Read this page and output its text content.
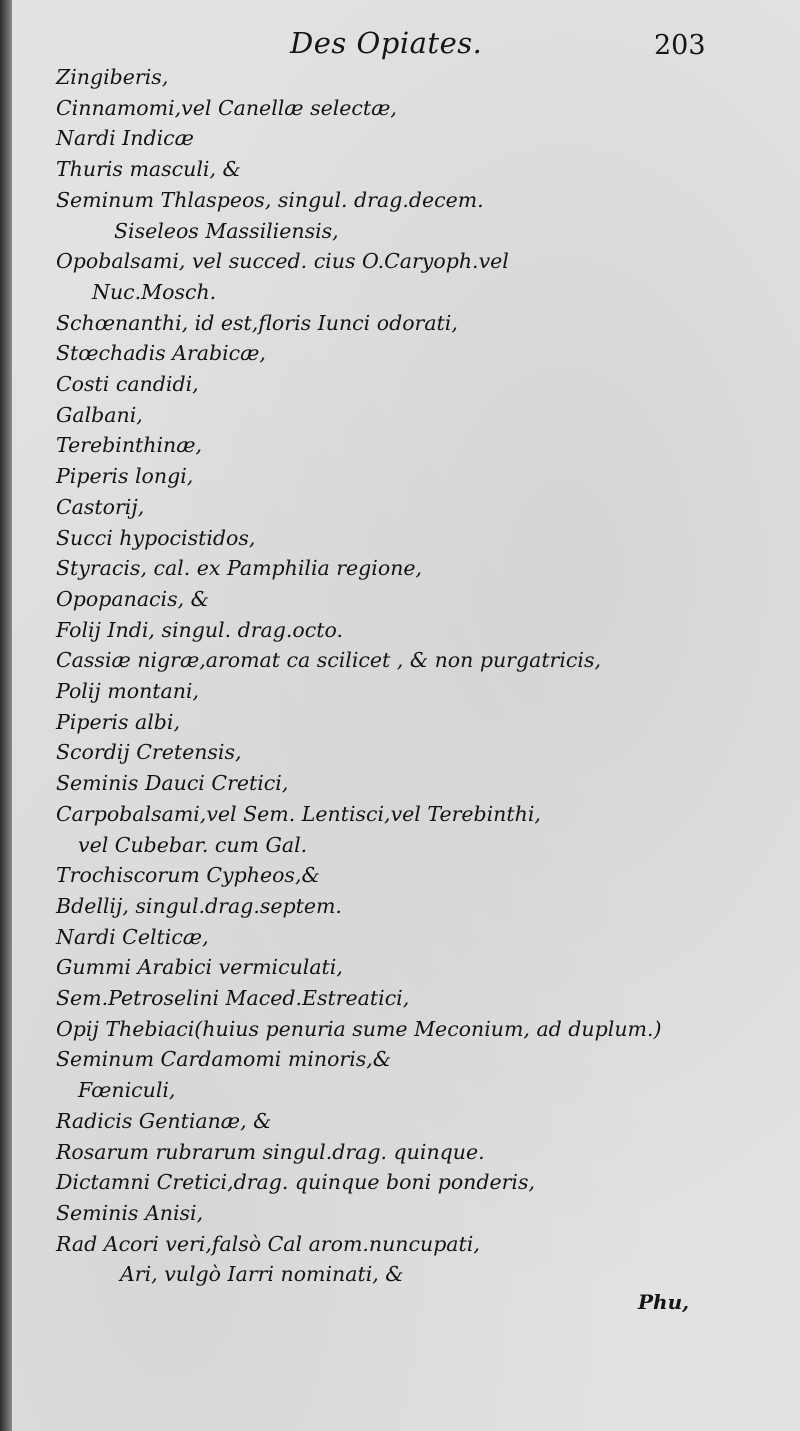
Des Opiates.	203
Zingiberis,
Cinnamomi,vel Canellæ selectæ,
Nardi Indicæ
Thuris masculi, &
Seminum Thlaspeos, singul. drag.decem.
Siseleos Massiliensis,
Opobalsami, vel succed. cius O.Caryoph.vel
Nuc.Mosch.
Schœnanthi, id est,floris Iunci odorati,
Stœchadis Arabicæ,
Costi candidi,
Galbani,
Terebinthinæ,
Piperis longi,
Castorij,
Succi hypocistidos,
Styracis, cal. ex Pamphilia regione,
Opopanacis, &
Folij Indi, singul. drag.octo.
Cassiæ nigræ,aromat ca scilicet , & non purgatricis,
Polij montani,
Piperis albi,
Scordij Cretensis,
Seminis Dauci Cretici,
Carpobalsami,vel Sem. Lentisci,vel Terebinthi,
vel Cubebar. cum Gal.
Trochiscorum Cypheos,&
Bdellij, singul.drag.septem.
Nardi Celticæ,
Gummi Arabici vermiculati,
Sem.Petroselini Maced.Estreatici,
Opij Thebiaci(huius penuria sume Meconium, ad duplum.)
Seminum Cardamomi minoris,&
Fœniculi,
Radicis Gentianæ, &
Rosarum rubrarum singul.drag. quinque.
Dictamni Cretici,drag. quinque boni ponderis,
Seminis Anisi,
Rad Acori veri,falsò Cal arom.nuncupati,
Ari, vulgò Iarri nominati, &
Phu,
